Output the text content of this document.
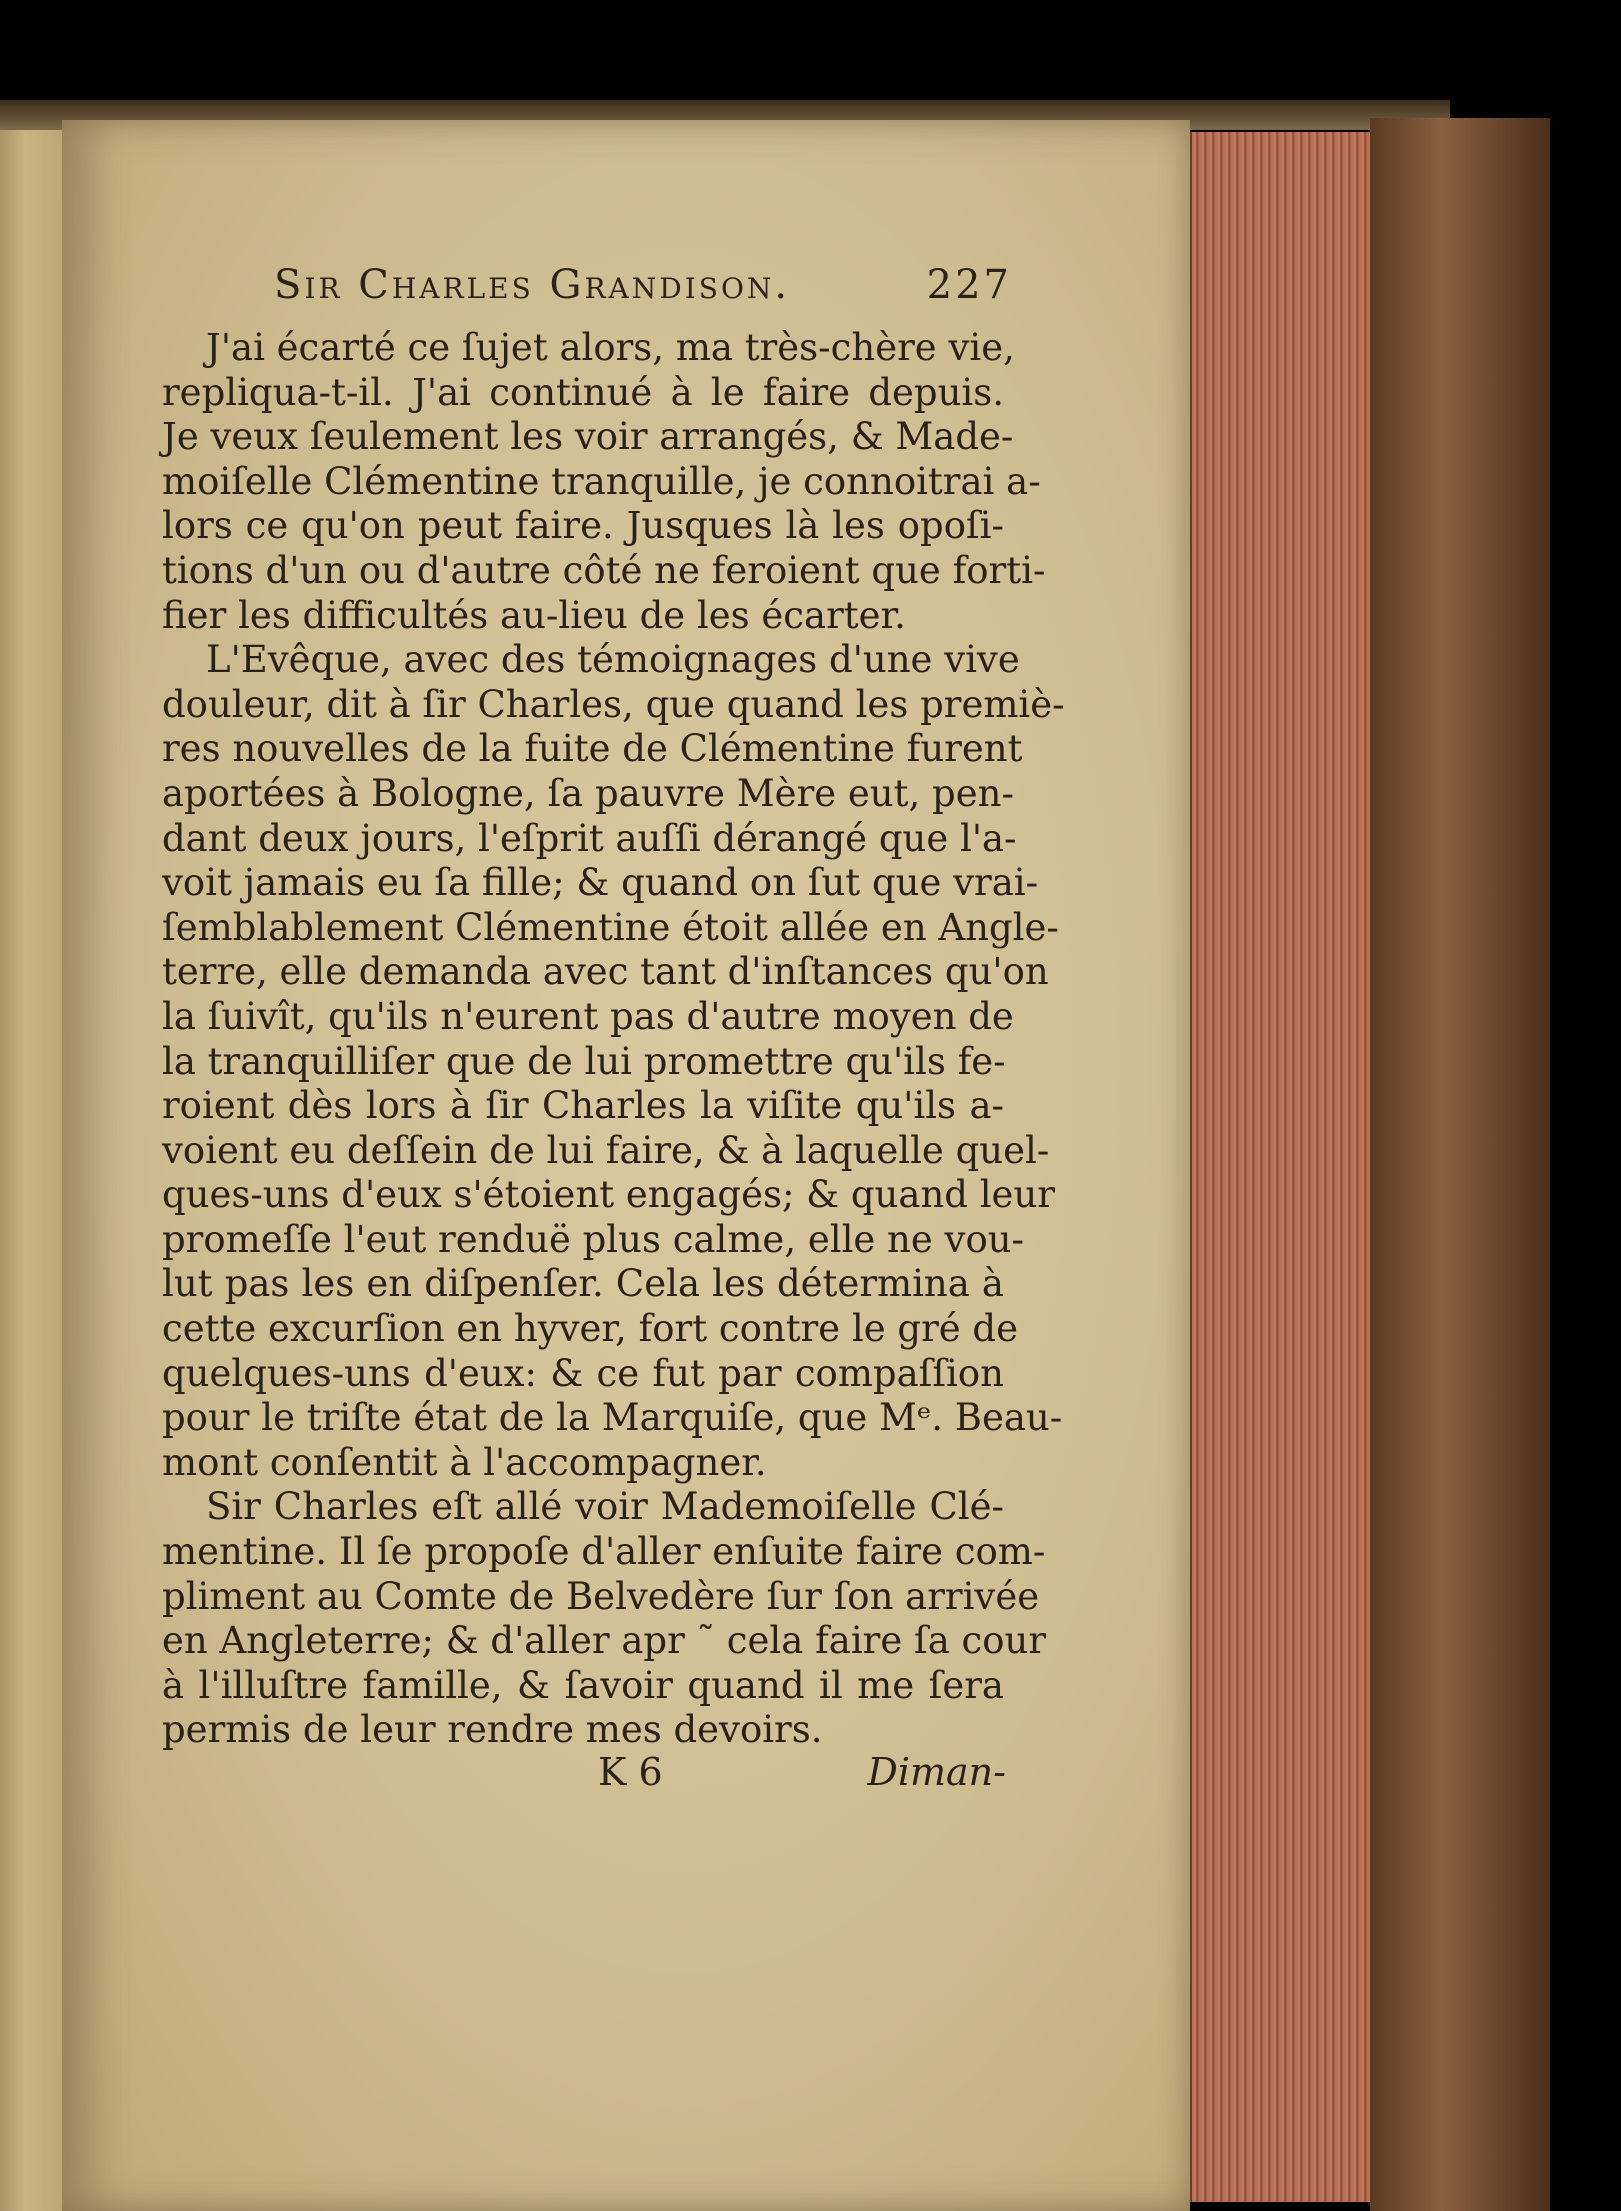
Sir Charles Grandison.	227
J'ai écarté ce ſujet alors, ma très-chère vie,
repliqua-t-il. J'ai continué à le faire depuis.
Je veux ſeulement les voir arrangés, & Made-
moiſelle Clémentine tranquille, je connoitrai a-
lors ce qu'on peut faire. Jusques là les opoſi-
tions d'un ou d'autre côté ne feroient que forti-
fier les difficultés au-lieu de les écarter.
L'Evêque, avec des témoignages d'une vive
douleur, dit à ſir Charles, que quand les premiè-
res nouvelles de la fuite de Clémentine furent
aportées à Bologne, ſa pauvre Mère eut, pen-
dant deux jours, l'eſprit auſſi dérangé que l'a-
voit jamais eu ſa fille; & quand on ſut que vrai-
ſemblablement Clémentine étoit allée en Angle-
terre, elle demanda avec tant d'inſtances qu'on
la ſuivît, qu'ils n'eurent pas d'autre moyen de
la tranquilliſer que de lui promettre qu'ils fe-
roient dès lors à ſir Charles la viſite qu'ils a-
voient eu deſſein de lui faire, & à laquelle quel-
ques-uns d'eux s'étoient engagés; & quand leur
promeſſe l'eut renduë plus calme, elle ne vou-
lut pas les en diſpenſer. Cela les détermina à
cette excurſion en hyver, fort contre le gré de
quelques-uns d'eux: & ce fut par compaſſion
pour le triſte état de la Marquiſe, que Mᵉ. Beau-
mont conſentit à l'accompagner.
Sir Charles eſt allé voir Mademoiſelle Clé-
mentine. Il ſe propoſe d'aller enſuite faire com-
pliment au Comte de Belvedère ſur ſon arrivée
en Angleterre; & d'aller apr ˜ cela faire ſa cour
à l'illuſtre famille, & ſavoir quand il me ſera
permis de leur rendre mes devoirs.
K 6	Diman-
